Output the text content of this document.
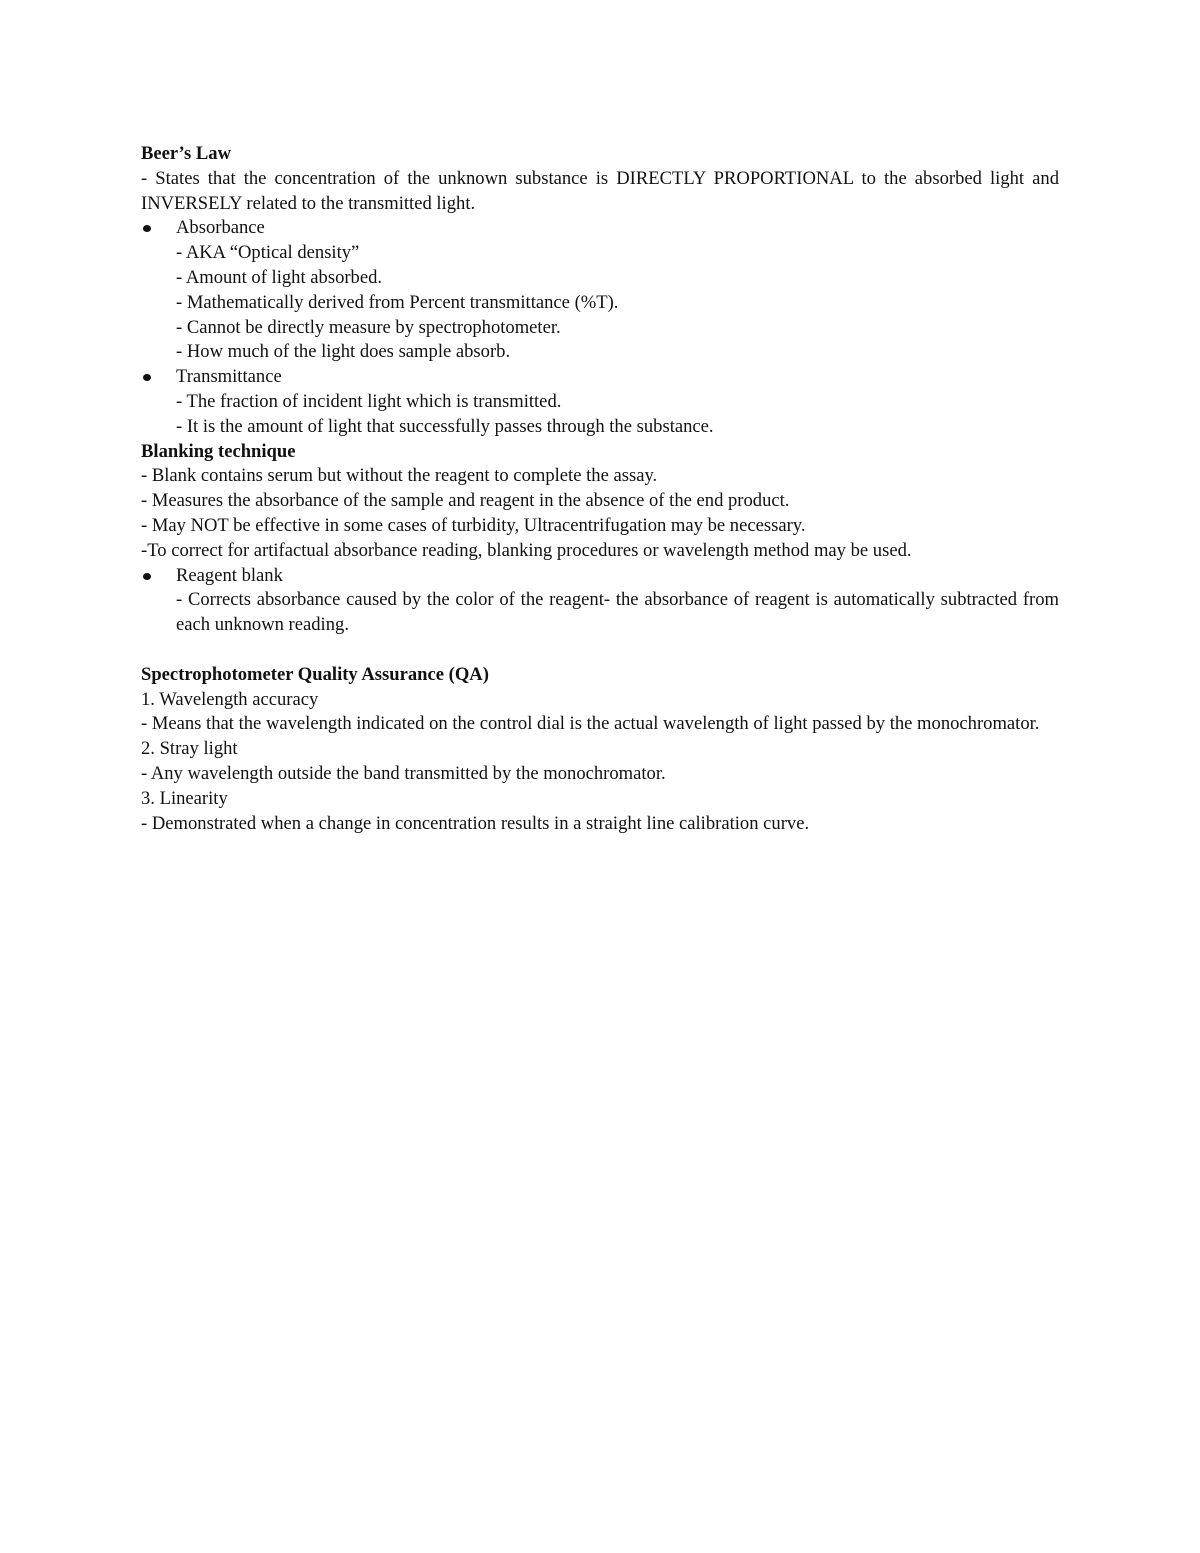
Beer’s Law

- States that the concentration of the unknown substance is DIRECTLY PROPORTIONAL to the absorbed light and INVERSELY related to the transmitted light.

Absorbance

- AKA “Optical density”

- Amount of light absorbed.

- Mathematically derived from Percent transmittance (%T).

- Cannot be directly measure by spectrophotometer.

- How much of the light does sample absorb.

Transmittance

- The fraction of incident light which is transmitted.

- It is the amount of light that successfully passes through the substance.

Blanking technique

- Blank contains serum but without the reagent to complete the assay.

- Measures the absorbance of the sample and reagent in the absence of the end product.

- May NOT be effective in some cases of turbidity, Ultracentrifugation may be necessary.

-To correct for artifactual absorbance reading, blanking procedures or wavelength method may be used.

Reagent blank

- Corrects absorbance caused by the color of the reagent- the absorbance of reagent is automatically subtracted from each unknown reading.

Spectrophotometer Quality Assurance (QA)

1. Wavelength accuracy

- Means that the wavelength indicated on the control dial is the actual wavelength of light passed by the monochromator.

2. Stray light

- Any wavelength outside the band transmitted by the monochromator.

3. Linearity

- Demonstrated when a change in concentration results in a straight line calibration curve.
